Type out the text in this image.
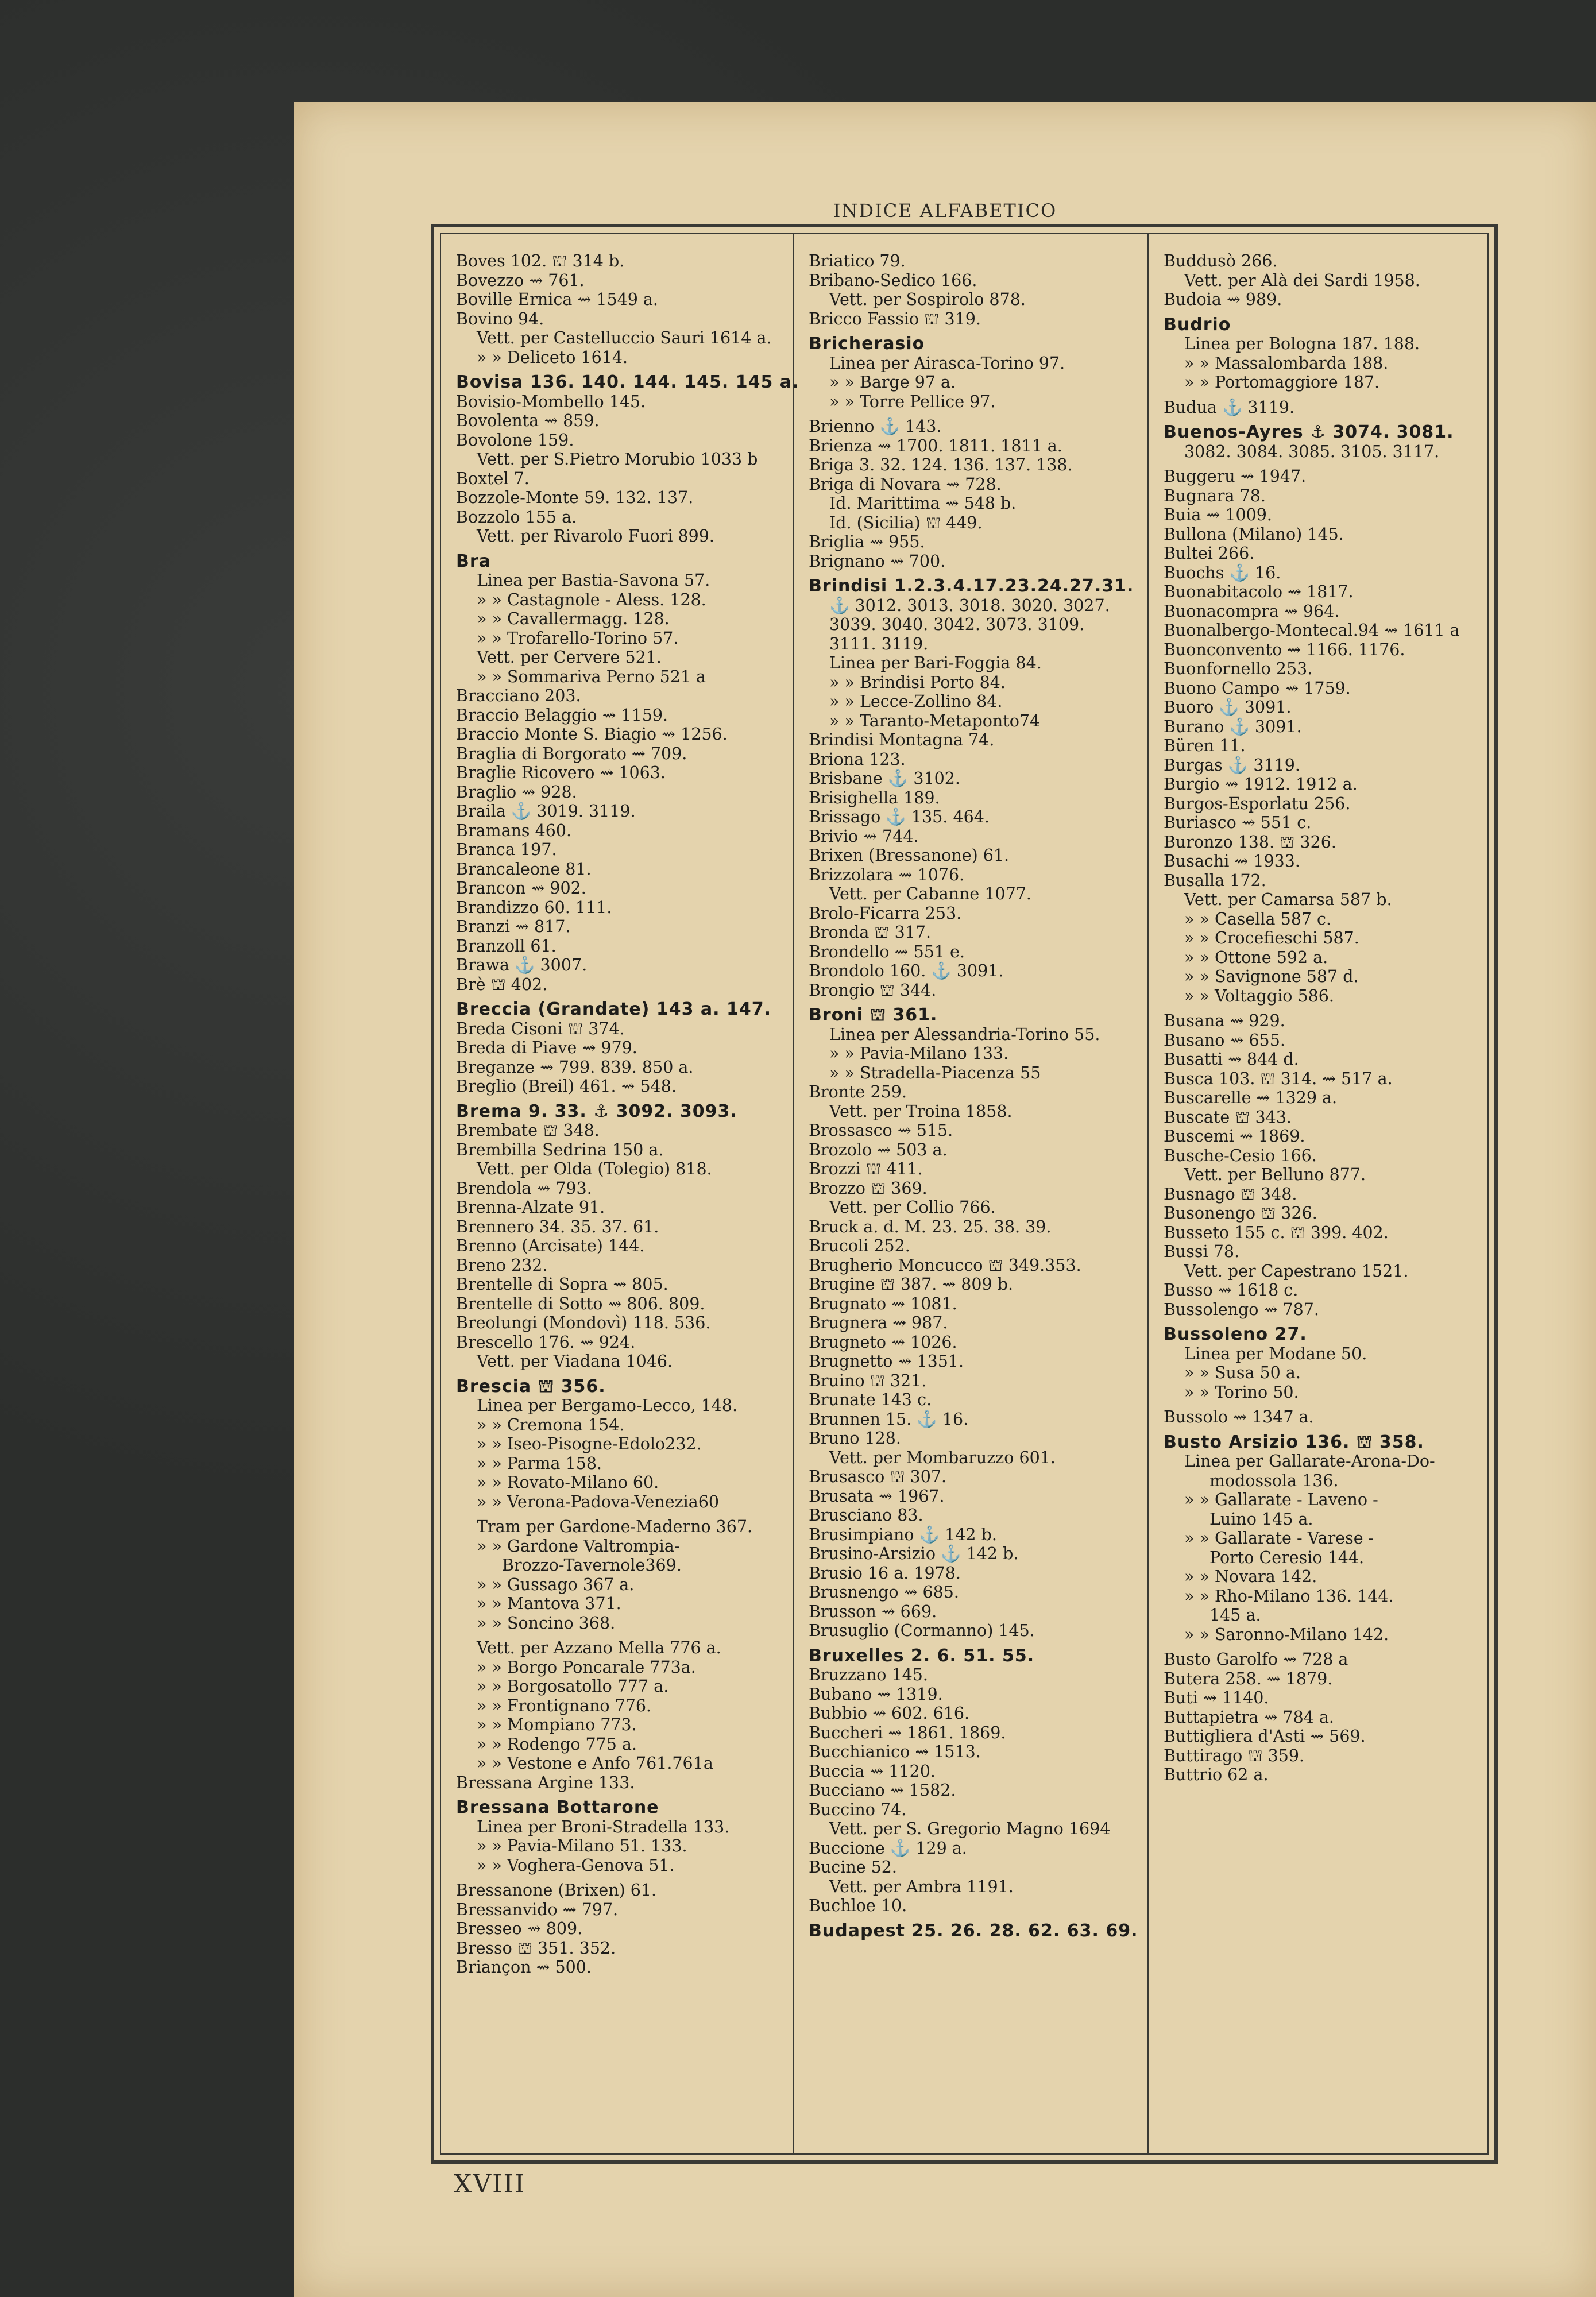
INDICE ALFABETICO
Boves 102. ⛫ 314 b.
Bovezzo ⇝ 761.
Boville Ernica ⇝ 1549 a.
Bovino 94.
Vett. per Castelluccio Sauri 1614 a.
» » Deliceto 1614.
Bovisa 136. 140. 144. 145. 145 a.
Bovisio-Mombello 145.
Bovolenta ⇝ 859.
Bovolone 159.
Vett. per S.Pietro Morubio 1033 b
Boxtel 7.
Bozzole-Monte 59. 132. 137.
Bozzolo 155 a.
Vett. per Rivarolo Fuori 899.
Bra
Linea per Bastia-Savona 57.
» » Castagnole - Aless. 128.
» » Cavallermagg. 128.
» » Trofarello-Torino 57.
Vett. per Cervere 521.
» » Sommariva Perno 521 a
Bracciano 203.
Braccio Belaggio ⇝ 1159.
Braccio Monte S. Biagio ⇝ 1256.
Braglia di Borgorato ⇝ 709.
Braglie Ricovero ⇝ 1063.
Braglio ⇝ 928.
Braila ⚓ 3019. 3119.
Bramans 460.
Branca 197.
Brancaleone 81.
Brancon ⇝ 902.
Brandizzo 60. 111.
Branzi ⇝ 817.
Branzoll 61.
Brawa ⚓ 3007.
Brè ⛫ 402.
Breccia (Grandate) 143 a. 147.
Breda Cisoni ⛫ 374.
Breda di Piave ⇝ 979.
Breganze ⇝ 799. 839. 850 a.
Breglio (Breil) 461. ⇝ 548.
Brema 9. 33. ⚓ 3092. 3093.
Brembate ⛫ 348.
Brembilla Sedrina 150 a.
Vett. per Olda (Tolegio) 818.
Brendola ⇝ 793.
Brenna-Alzate 91.
Brennero 34. 35. 37. 61.
Brenno (Arcisate) 144.
Breno 232.
Brentelle di Sopra ⇝ 805.
Brentelle di Sotto ⇝ 806. 809.
Breolungi (Mondovì) 118. 536.
Brescello 176. ⇝ 924.
Vett. per Viadana 1046.
Brescia ⛫ 356.
Linea per Bergamo-Lecco, 148.
» » Cremona 154.
» » Iseo-Pisogne-Edolo232.
» » Parma 158.
» » Rovato-Milano 60.
» » Verona-Padova-Venezia60
Tram per Gardone-Maderno 367.
» » Gardone Valtrompia-
Brozzo-Tavernole369.
» » Gussago 367 a.
» » Mantova 371.
» » Soncino 368.
Vett. per Azzano Mella 776 a.
» » Borgo Poncarale 773a.
» » Borgosatollo 777 a.
» » Frontignano 776.
» » Mompiano 773.
» » Rodengo 775 a.
» » Vestone e Anfo 761.761a
Bressana Argine 133.
Bressana Bottarone
Linea per Broni-Stradella 133.
» » Pavia-Milano 51. 133.
» » Voghera-Genova 51.
Bressanone (Brixen) 61.
Bressanvido ⇝ 797.
Bresseo ⇝ 809.
Bresso ⛫ 351. 352.
Briançon ⇝ 500.
Briatico 79.
Bribano-Sedico 166.
Vett. per Sospirolo 878.
Bricco Fassio ⛫ 319.
Bricherasio
Linea per Airasca-Torino 97.
» » Barge 97 a.
» » Torre Pellice 97.
Brienno ⚓ 143.
Brienza ⇝ 1700. 1811. 1811 a.
Briga 3. 32. 124. 136. 137. 138.
Briga di Novara ⇝ 728.
Id. Marittima ⇝ 548 b.
Id. (Sicilia) ⛫ 449.
Briglia ⇝ 955.
Brignano ⇝ 700.
Brindisi 1.2.3.4.17.23.24.27.31.
⚓ 3012. 3013. 3018. 3020. 3027.
3039. 3040. 3042. 3073. 3109.
3111. 3119.
Linea per Bari-Foggia 84.
» » Brindisi Porto 84.
» » Lecce-Zollino 84.
» » Taranto-Metaponto74
Brindisi Montagna 74.
Briona 123.
Brisbane ⚓ 3102.
Brisighella 189.
Brissago ⚓ 135. 464.
Brivio ⇝ 744.
Brixen (Bressanone) 61.
Brizzolara ⇝ 1076.
Vett. per Cabanne 1077.
Brolo-Ficarra 253.
Bronda ⛫ 317.
Brondello ⇝ 551 e.
Brondolo 160. ⚓ 3091.
Brongio ⛫ 344.
Broni ⛫ 361.
Linea per Alessandria-Torino 55.
» » Pavia-Milano 133.
» » Stradella-Piacenza 55
Bronte 259.
Vett. per Troina 1858.
Brossasco ⇝ 515.
Brozolo ⇝ 503 a.
Brozzi ⛫ 411.
Brozzo ⛫ 369.
Vett. per Collio 766.
Bruck a. d. M. 23. 25. 38. 39.
Brucoli 252.
Brugherio Moncucco ⛫ 349.353.
Brugine ⛫ 387. ⇝ 809 b.
Brugnato ⇝ 1081.
Brugnera ⇝ 987.
Brugneto ⇝ 1026.
Brugnetto ⇝ 1351.
Bruino ⛫ 321.
Brunate 143 c.
Brunnen 15. ⚓ 16.
Bruno 128.
Vett. per Mombaruzzo 601.
Brusasco ⛫ 307.
Brusata ⇝ 1967.
Brusciano 83.
Brusimpiano ⚓ 142 b.
Brusino-Arsizio ⚓ 142 b.
Brusio 16 a. 1978.
Brusnengo ⇝ 685.
Brusson ⇝ 669.
Brusuglio (Cormanno) 145.
Bruxelles 2. 6. 51. 55.
Bruzzano 145.
Bubano ⇝ 1319.
Bubbio ⇝ 602. 616.
Buccheri ⇝ 1861. 1869.
Bucchianico ⇝ 1513.
Buccia ⇝ 1120.
Bucciano ⇝ 1582.
Buccino 74.
Vett. per S. Gregorio Magno 1694
Buccione ⚓ 129 a.
Bucine 52.
Vett. per Ambra 1191.
Buchloe 10.
Budapest 25. 26. 28. 62. 63. 69.
Buddusò 266.
Vett. per Alà dei Sardi 1958.
Budoia ⇝ 989.
Budrio
Linea per Bologna 187. 188.
» » Massalombarda 188.
» » Portomaggiore 187.
Budua ⚓ 3119.
Buenos-Ayres ⚓ 3074. 3081.
3082. 3084. 3085. 3105. 3117.
Buggeru ⇝ 1947.
Bugnara 78.
Buia ⇝ 1009.
Bullona (Milano) 145.
Bultei 266.
Buochs ⚓ 16.
Buonabitacolo ⇝ 1817.
Buonacompra ⇝ 964.
Buonalbergo-Montecal.94 ⇝ 1611 a
Buonconvento ⇝ 1166. 1176.
Buonfornello 253.
Buono Campo ⇝ 1759.
Buoro ⚓ 3091.
Burano ⚓ 3091.
Büren 11.
Burgas ⚓ 3119.
Burgio ⇝ 1912. 1912 a.
Burgos-Esporlatu 256.
Buriasco ⇝ 551 c.
Buronzo 138. ⛫ 326.
Busachi ⇝ 1933.
Busalla 172.
Vett. per Camarsa 587 b.
» » Casella 587 c.
» » Crocefieschi 587.
» » Ottone 592 a.
» » Savignone 587 d.
» » Voltaggio 586.
Busana ⇝ 929.
Busano ⇝ 655.
Busatti ⇝ 844 d.
Busca 103. ⛫ 314. ⇝ 517 a.
Buscarelle ⇝ 1329 a.
Buscate ⛫ 343.
Buscemi ⇝ 1869.
Busche-Cesio 166.
Vett. per Belluno 877.
Busnago ⛫ 348.
Busonengo ⛫ 326.
Busseto 155 c. ⛫ 399. 402.
Bussi 78.
Vett. per Capestrano 1521.
Busso ⇝ 1618 c.
Bussolengo ⇝ 787.
Bussoleno 27.
Linea per Modane 50.
» » Susa 50 a.
» » Torino 50.
Bussolo ⇝ 1347 a.
Busto Arsizio 136. ⛫ 358.
Linea per Gallarate-Arona-Do-
modossola 136.
» » Gallarate - Laveno -
Luino 145 a.
» » Gallarate - Varese -
Porto Ceresio 144.
» » Novara 142.
» » Rho-Milano 136. 144.
145 a.
» » Saronno-Milano 142.
Busto Garolfo ⇝ 728 a
Butera 258. ⇝ 1879.
Buti ⇝ 1140.
Buttapietra ⇝ 784 a.
Buttigliera d'Asti ⇝ 569.
Buttirago ⛫ 359.
Buttrio 62 a.
XVIII
